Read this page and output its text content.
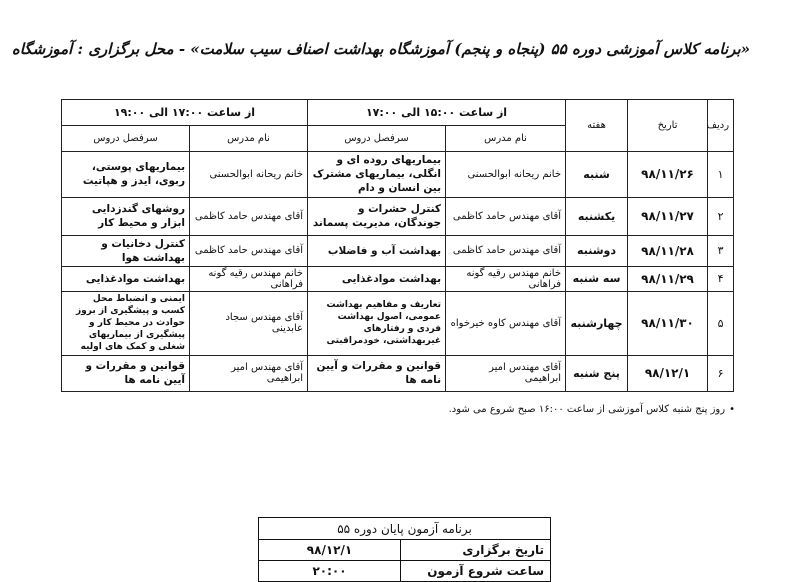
«برنامه کلاس آموزشی دوره ۵۵ (پنجاه و پنجم) آموزشگاه بهداشت اصناف سیب سلامت» - محل برگزاری : آموزشگاه
ردیف	تاریخ	هفته	از ساعت ۱۵:۰۰ الی ۱۷:۰۰		از ساعت ۱۷:۰۰ الی ۱۹:۰۰	
			نام مدرس	سرفصل دروس	نام مدرس	سرفصل دروس
۱	۹۸/۱۱/۲۶	شنبه	خانم ریحانه ابوالحسنی	بیماریهای روده ای و انگلی، بیماریهای مشترک بین انسان و دام	خانم ریحانه ابوالحسنی	بیماریهای پوستی، ربوی، ایدز و هپاتیت
۲	۹۸/۱۱/۲۷	یکشنبه	آقای مهندس حامد کاظمی	کنترل حشرات و جوندگان، مدیریت پسماند	آقای مهندس حامد کاظمی	روشهای گندزدایی ابزار و محیط کار
۳	۹۸/۱۱/۲۸	دوشنبه	آقای مهندس حامد کاظمی	بهداشت آب و فاضلاب	آقای مهندس حامد کاظمی	کنترل دخانیات و بهداشت هوا
۴	۹۸/۱۱/۲۹	سه شنبه	خانم مهندس رقیه گونه فراهانی	بهداشت موادغذایی	خانم مهندس رقیه گونه فراهانی	بهداشت موادغذایی
۵	۹۸/۱۱/۳۰	چهارشنبه	آقای مهندس کاوه خیرخواه	تعاریف و مفاهیم بهداشت عمومی، اصول بهداشت فردی و رفتارهای غیربهداشتی، خودمراقبتی	آقای مهندس سجاد عابدینی	ایمنی و انضباط محل کسب و پیشگیری از بروز حوادث در محیط کار و پیشگیری از بیماریهای شغلی و کمک های اولیه
۶	۹۸/۱۲/۱	پنج شنبه	آقای مهندس امیر ابراهیمی	قوانین و مقررات و آیین نامه ها	آقای مهندس امیر ابراهیمی	قوانین و مقررات و آیین نامه ها
•روز پنج شنبه کلاس آموزشی از ساعت ۱۶:۰۰ صبح شروع می شود.
برنامه آزمون پایان دوره ۵۵	
تاریخ برگزاری	۹۸/۱۲/۱
ساعت شروع آزمون	۲۰:۰۰
